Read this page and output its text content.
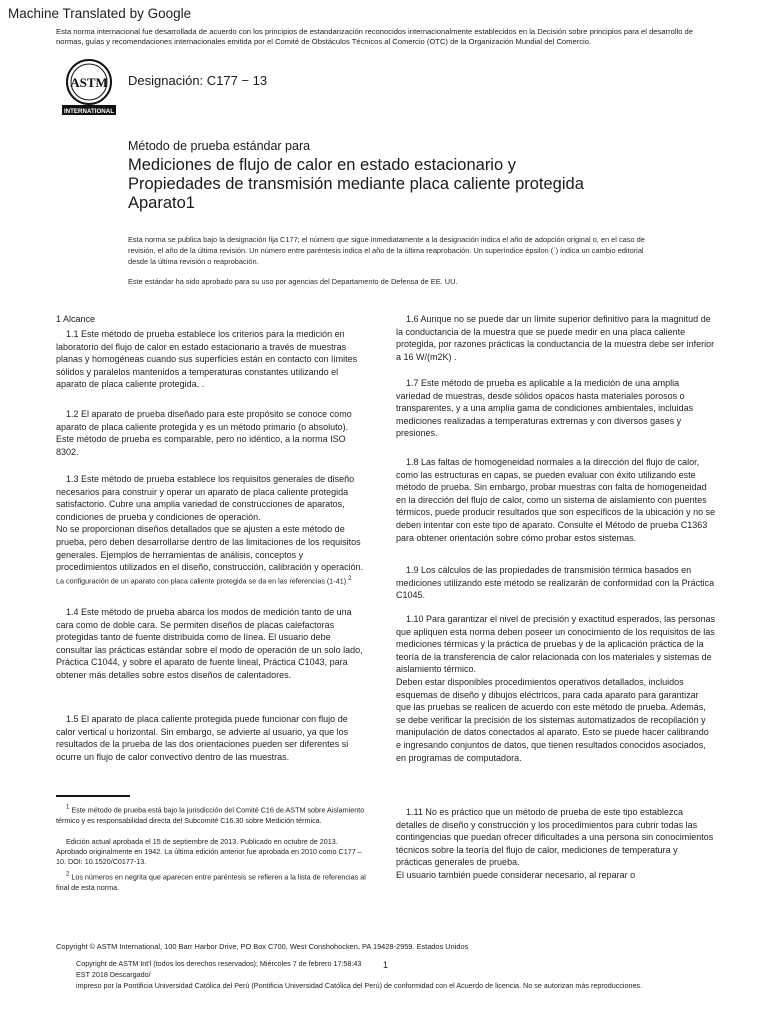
Machine Translated by Google
Esta norma internacional fue desarrollada de acuerdo con los principios de estandarización reconocidos internacionalmente establecidos en la Decisión sobre principios para el desarrollo de normas, guías y recomendaciones internacionales emitida por el Comité de Obstáculos Técnicos al Comercio (OTC) de la Organización Mundial del Comercio.
ASTM
INTERNATIONAL
Designación: C177 − 13
Método de prueba estándar para
Mediciones de flujo de calor en estado estacionario y
Propiedades de transmisión mediante placa caliente protegida
Aparato1
Esta norma se publica bajo la designación fija C177; el número que sigue inmediatamente a la designación indica el año de adopción original o, en el caso de revisión, el año de la última revisión. Un número entre paréntesis indica el año de la última reaprobación. Un superíndice épsilon (´) indica un cambio editorial desde la última revisión o reaprobación.
Este estándar ha sido aprobado para su uso por agencias del Departamento de Defensa de EE. UU.
1 Alcance

1.1 Este método de prueba establece los criterios para la medición en laboratorio del flujo de calor en estado estacionario a través de muestras planas y homogéneas cuando sus superficies están en contacto con límites sólidos y paralelos mantenidos a temperaturas constantes utilizando el aparato de placa caliente protegida. .

1.2 El aparato de prueba diseñado para este propósito se conoce como aparato de placa caliente protegida y es un método primario (o absoluto). Este método de prueba es comparable, pero no idéntico, a la norma ISO 8302.

1.3 Este método de prueba establece los requisitos generales de diseño necesarios para construir y operar un aparato de placa caliente protegida satisfactorio. Cubre una amplia variedad de construcciones de aparatos, condiciones de prueba y condiciones de operación.

No se proporcionan diseños detallados que se ajusten a este método de prueba, pero deben desarrollarse dentro de las limitaciones de los requisitos generales. Ejemplos de herramientas de análisis, conceptos y procedimientos utilizados en el diseño, construcción, calibración y operación.

La configuración de un aparato con placa caliente protegida se da en las referencias (1-41).$^2$

1.4 Este método de prueba abarca los modos de medición tanto de una cara como de doble cara. Se permiten diseños de placas calefactoras protegidas tanto de fuente distribuida como de línea. El usuario debe consultar las prácticas estándar sobre el modo de operación de un solo lado, Práctica C1044, y sobre el aparato de fuente lineal, Práctica C1043, para obtener más detalles sobre estos diseños de calentadores.

1.5 El aparato de placa caliente protegida puede funcionar con flujo de calor vertical u horizontal. Sin embargo, se advierte al usuario, ya que los resultados de la prueba de las dos orientaciones pueden ser diferentes si ocurre un flujo de calor convectivo dentro de las muestras.

$^1$ Este método de prueba está bajo la jurisdicción del Comité C16 de ASTM sobre Aislamiento térmico y es responsabilidad directa del Subcomité C16.30 sobre Medición térmica.
Edición actual aprobada el 15 de septiembre de 2013. Publicado en octubre de 2013. Aprobado originalmente en 1942. La última edición anterior fue aprobada en 2010 como C177 – 10. DOI: 10.1520/C0177-13.
$^2$ Los números en negrita que aparecen entre paréntesis se refieren a la lista de referencias al final de esta norma.

1.6 Aunque no se puede dar un límite superior definitivo para la magnitud de la conductancia de la muestra que se puede medir en una placa caliente protegida, por razones prácticas la conductancia de la muestra debe ser inferior a 16 W/(m2K) .

1.7 Este método de prueba es aplicable a la medición de una amplia variedad de muestras, desde sólidos opacos hasta materiales porosos o transparentes, y a una amplia gama de condiciones ambientales, incluidas mediciones realizadas a temperaturas extremas y con diversos gases y presiones.

1.8 Las faltas de homogeneidad normales a la dirección del flujo de calor, como las estructuras en capas, se pueden evaluar con éxito utilizando este método de prueba. Sin embargo, probar muestras con falta de homogeneidad en la dirección del flujo de calor, como un sistema de aislamiento con puentes térmicos, puede producir resultados que son específicos de la ubicación y no se deben intentar con este tipo de aparato. Consulte el Método de prueba C1363 para obtener orientación sobre cómo probar estos sistemas.

1.9 Los cálculos de las propiedades de transmisión térmica basados en mediciones utilizando este método se realizarán de conformidad con la Práctica C1045.

1.10 Para garantizar el nivel de precisión y exactitud esperados, las personas que apliquen esta norma deben poseer un conocimiento de los requisitos de las mediciones térmicas y la práctica de pruebas y de la aplicación práctica de la teoría de la transferencia de calor relacionada con los materiales y sistemas de aislamiento térmico.

Deben estar disponibles procedimientos operativos detallados, incluidos esquemas de diseño y dibujos eléctricos, para cada aparato para garantizar que las pruebas se realicen de acuerdo con este método de prueba. Además, se debe verificar la precisión de los sistemas automatizados de recopilación y manipulación de datos conectados al aparato. Esto se puede hacer calibrando e ingresando conjuntos de datos, que tienen resultados conocidos asociados, en programas de computadora.

1.11 No es práctico que un método de prueba de este tipo establezca detalles de diseño y construcción y los procedimientos para cubrir todas las contingencias que puedan ofrecer dificultades a una persona sin conocimientos técnicos sobre la teoría del flujo de calor, mediciones de temperatura y prácticas generales de prueba.

El usuario también puede considerar necesario, al reparar o

Copyright © ASTM International, 100 Barr Harbor Drive, PO Box C700, West Conshohocken, PA 19428-2959. Estados Unidos
Copyright de ASTM Int'l (todos los derechos reservados); Miércoles 7 de febrero 17:58:43
EST 2018 Descargado/
impreso por la Pontificia Universidad Católica del Perú (Pontificia Universidad Católica del Perú) de conformidad con el Acuerdo de licencia. No se autorizan más reproducciones.
1
